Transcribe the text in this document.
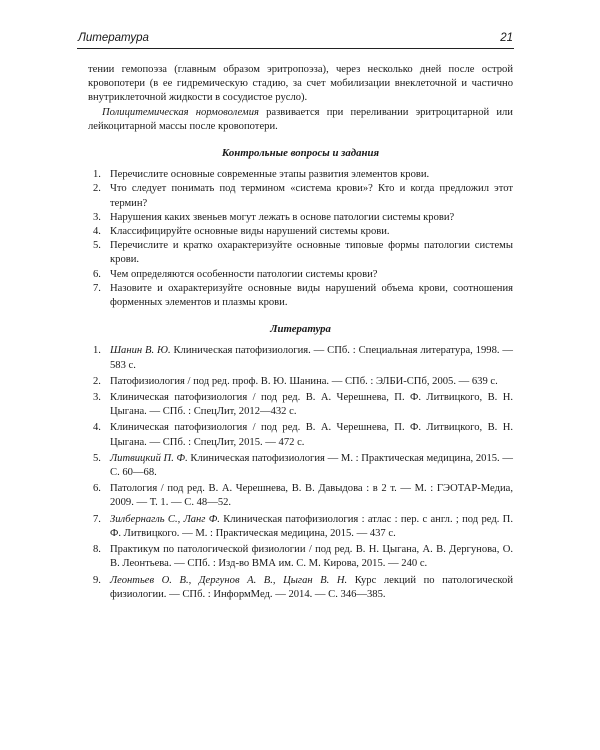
Литература	21

тении гемопоэза (главным образом эритропоэза), через несколько дней после острой кровопотери (в ее гидремическую стадию, за счет мобилизации внеклеточной и частично внутриклеточной жидкости в сосудистое русло).

Полицитемическая нормоволемия развивается при переливании эритроцитарной или лейкоцитарной массы после кровопотери.

Контрольные вопросы и задания
1. Перечислите основные современные этапы развития элементов крови.
2. Что следует понимать под термином «система крови»? Кто и когда предложил этот термин?
3. Нарушения каких звеньев могут лежать в основе патологии системы крови?
4. Классифицируйте основные виды нарушений системы крови.
5. Перечислите и кратко охарактеризуйте основные типовые формы патологии системы крови.
6. Чем определяются особенности патологии системы крови?
7. Назовите и охарактеризуйте основные виды нарушений объема крови, соотношения форменных элементов и плазмы крови.
Литература
1. Шанин В. Ю. Клиническая патофизиология. — СПб. : Специальная литература, 1998. — 583 с.
2. Патофизиология / под ред. проф. В. Ю. Шанина. — СПб. : ЭЛБИ-СПб, 2005. — 639 с.
3. Клиническая патофизиология / под ред. В. А. Черешнева, П. Ф. Литвицкого, В. Н. Цыгана. — СПб. : СпецЛит, 2012—432 с.
4. Клиническая патофизиология / под ред. В. А. Черешнева, П. Ф. Литвицкого, В. Н. Цыгана. — СПб. : СпецЛит, 2015. — 472 с.
5. Литвицкий П. Ф. Клиническая патофизиология — М. : Практическая медицина, 2015. — С. 60—68.
6. Патология / под ред. В. А. Черешнева, В. В. Давыдова : в 2 т. — М. : ГЭОТАР-Медиа, 2009. — Т. 1. — С. 48—52.
7. Зилбернагль С., Ланг Ф. Клиническая патофизиология : атлас : пер. с англ. ; под ред. П. Ф. Литвицкого. — М. : Практическая медицина, 2015. — 437 с.
8. Практикум по патологической физиологии / под ред. В. Н. Цыгана, А. В. Дергунова, О. В. Леонтьева. — СПб. : Изд-во ВМА им. С. М. Кирова, 2015. — 240 с.
9. Леонтьев О. В., Дергунов А. В., Цыган В. Н. Курс лекций по патологической физиологии. — СПб. : ИнформМед. — 2014. — С. 346—385.
